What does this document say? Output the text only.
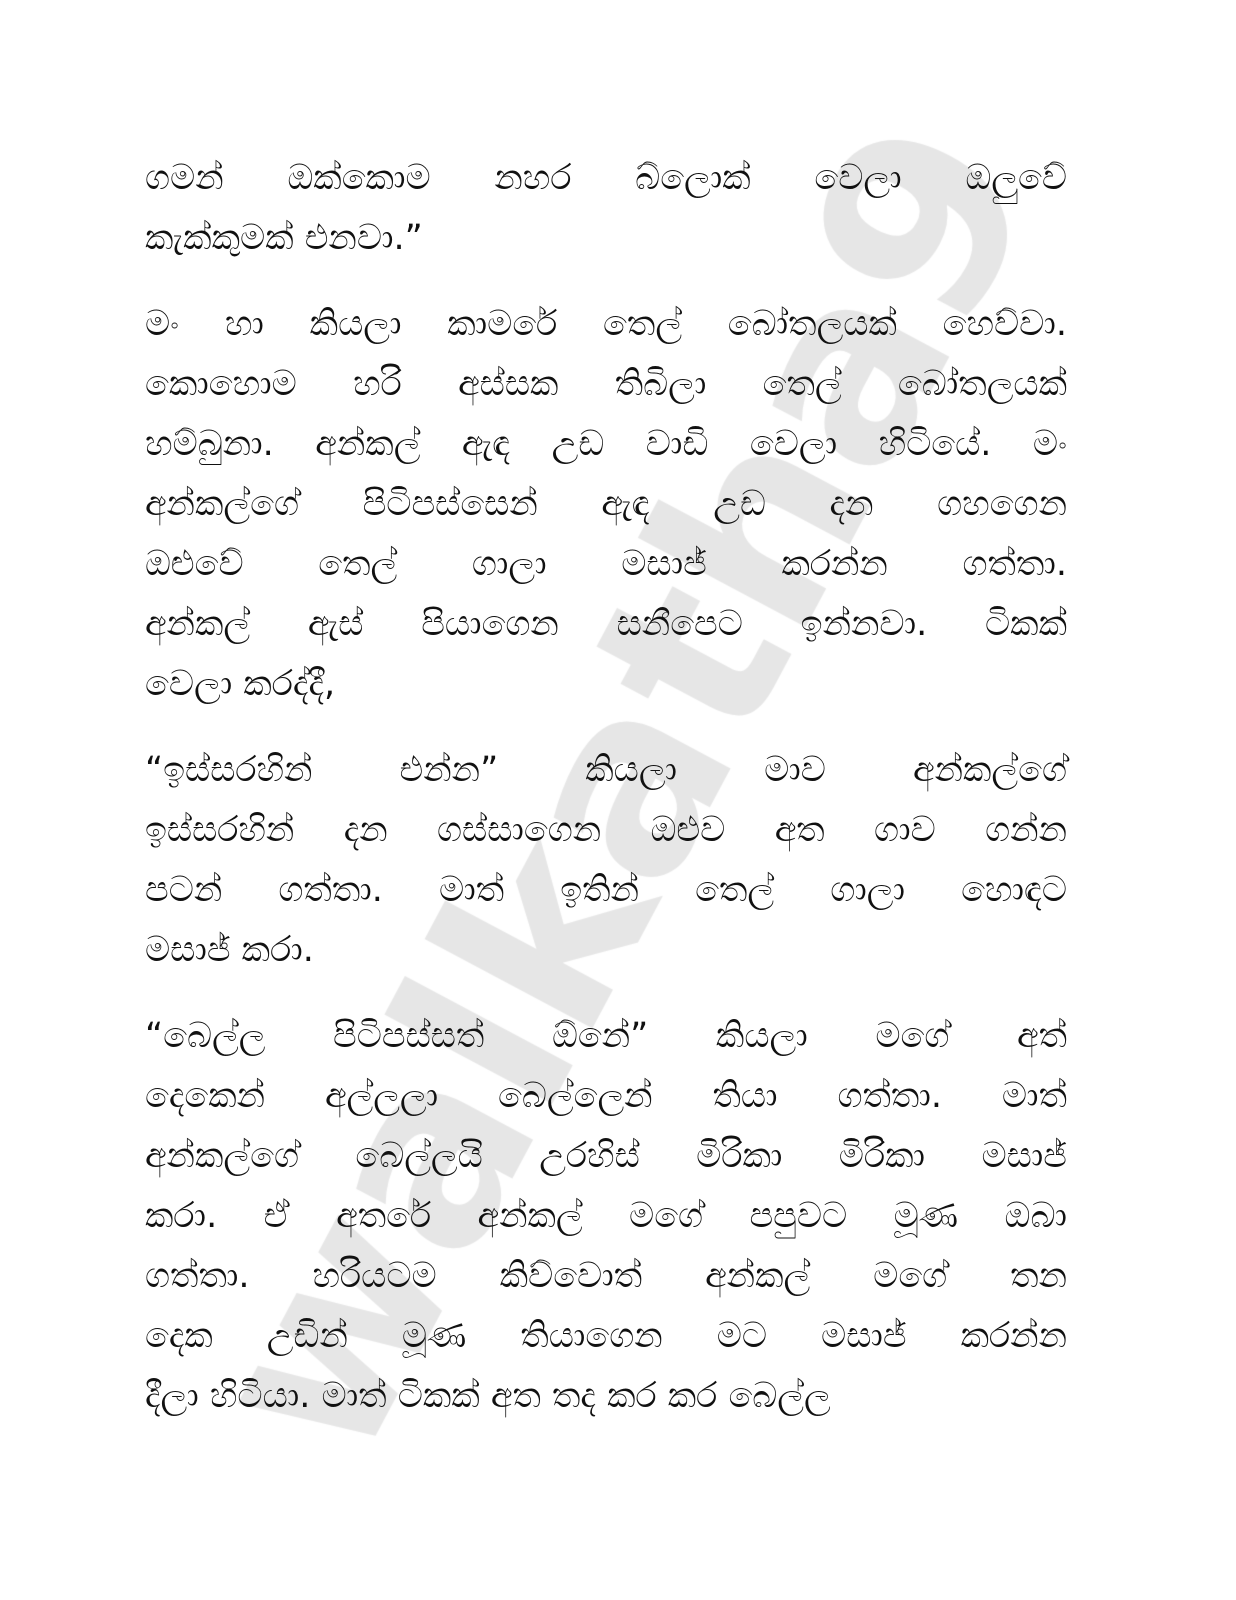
ගමන් ඔක්කොම නහර බ්ලොක් වෙලා ඔලුවේ
කැක්කුමක් එනවා.”
මං හා කියලා කාමරේ තෙල් බෝතලයක් හෙව්වා.
කොහොම හරි අස්සක තිබිලා තෙල් බෝතලයක්
හම්බුනා. අන්කල් ඇඳ උඩ වාඩි වෙලා හිටියේ. මං
අන්කල්ගේ පිටිපස්සෙන් ඇඳ උඩ දන ගහගෙන
ඔළුවේ තෙල් ගාලා මසාජ් කරන්න ගත්තා.
අන්කල් ඇස් පියාගෙන සනීපෙට ඉන්නවා. ටිකක්
වෙලා කරද්දී,
“ඉස්සරහින් එන්න” කියලා මාව අන්කල්ගේ
ඉස්සරහින් දන ගස්සාගෙන ඔළුව අත ගාව ගන්න
පටන් ගත්තා. මාත් ඉතින් තෙල් ගාලා හොඳට
මසාජ් කරා.
“බෙල්ල පිටිපස්සත් ඕනේ” කියලා මගේ අත්
දෙකෙන් අල්ලලා බෙල්ලෙන් තියා ගත්තා. මාත්
අන්කල්ගේ බෙල්ලයි උරහිස් මිරිකා මිරිකා මසාජ්
කරා. ඒ අතරේ අන්කල් මගේ පපුවට මූණ ඔබා
ගත්තා. හරියටම කිව්වොත් අන්කල් මගේ තන
දෙක උඩින් මූණ තියාගෙන මට මසාජ් කරන්න
දීලා හිටියා. මාත් ටිකක් අත තද කර කර බෙල්ල
